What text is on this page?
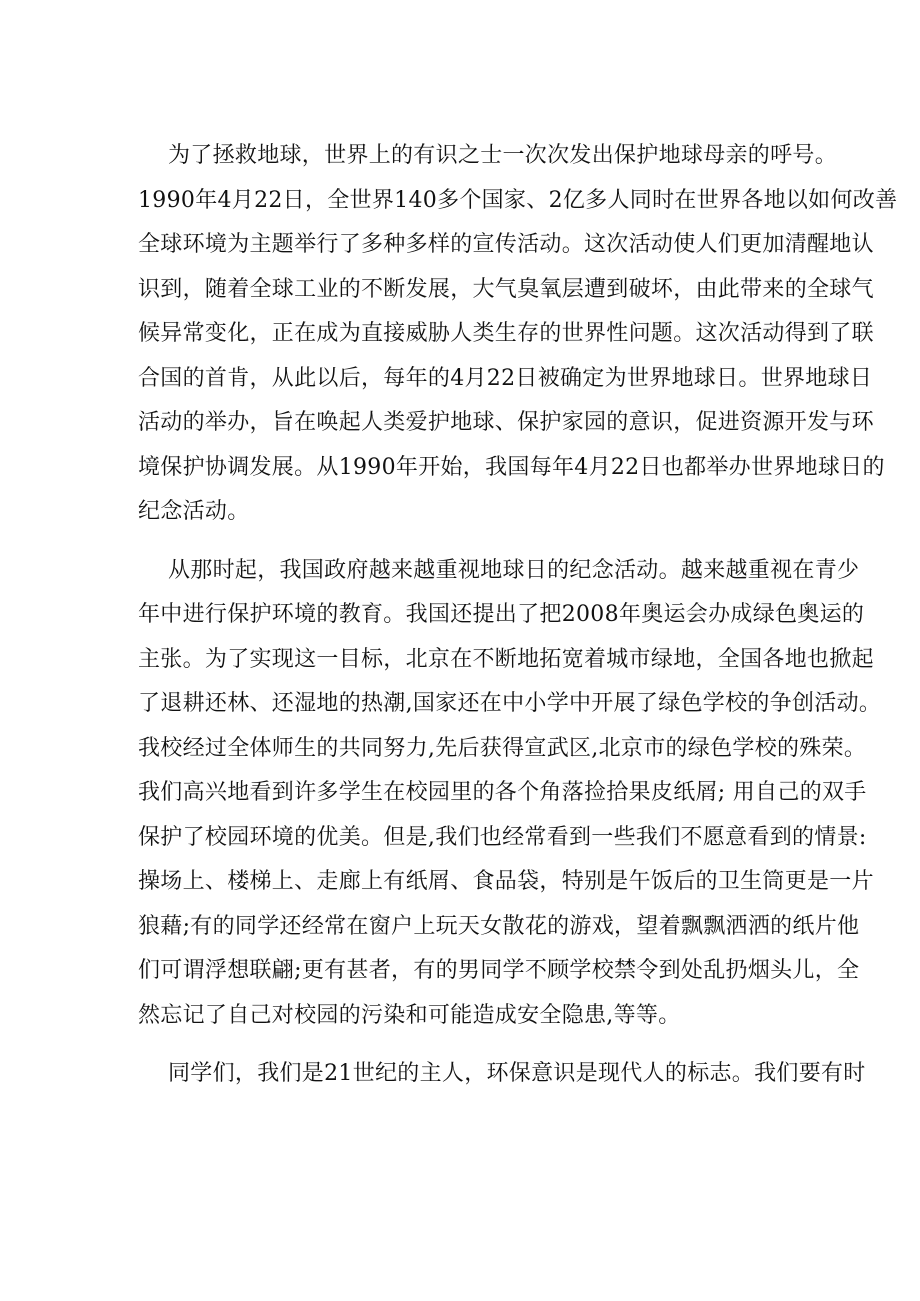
为了拯救地球，世界上的有识之士一次次发出保护地球母亲的呼号。
1990年4月22日，全世界140多个国家、2亿多人同时在世界各地以如何改善
全球环境为主题举行了多种多样的宣传活动。这次活动使人们更加清醒地认
识到，随着全球工业的不断发展，大气臭氧层遭到破坏，由此带来的全球气
候异常变化，正在成为直接威胁人类生存的世界性问题。这次活动得到了联
合国的首肯，从此以后，每年的4月22日被确定为世界地球日。世界地球日
活动的举办，旨在唤起人类爱护地球、保护家园的意识，促进资源开发与环
境保护协调发展。从1990年开始，我国每年4月22日也都举办世界地球日的
纪念活动。
从那时起，我国政府越来越重视地球日的纪念活动。越来越重视在青少
年中进行保护环境的教育。我国还提出了把2008年奥运会办成绿色奥运的
主张。为了实现这一目标，北京在不断地拓宽着城市绿地，全国各地也掀起
了退耕还林、还湿地的热潮,国家还在中小学中开展了绿色学校的争创活动。
我校经过全体师生的共同努力,先后获得宣武区,北京市的绿色学校的殊荣。
我们高兴地看到许多学生在校园里的各个角落捡拾果皮纸屑; 用自己的双手
保护了校园环境的优美。但是,我们也经常看到一些我们不愿意看到的情景:
操场上、楼梯上、走廊上有纸屑、食品袋，特别是午饭后的卫生筒更是一片
狼藉;有的同学还经常在窗户上玩天女散花的游戏，望着飘飘洒洒的纸片他
们可谓浮想联翩;更有甚者，有的男同学不顾学校禁令到处乱扔烟头儿，全
然忘记了自己对校园的污染和可能造成安全隐患,等等。
同学们，我们是21世纪的主人，环保意识是现代人的标志。我们要有时
